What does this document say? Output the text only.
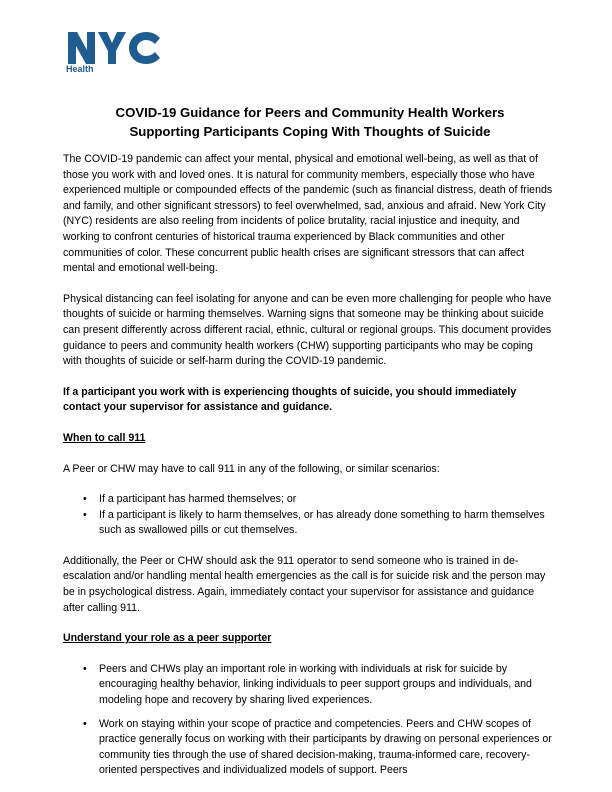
NYC
Health
COVID-19 Guidance for Peers and Community Health Workers
Supporting Participants Coping With Thoughts of Suicide

The COVID-19 pandemic can affect your mental, physical and emotional well-being, as well as that of those you work with and loved ones. It is natural for community members, especially those who have experienced multiple or compounded effects of the pandemic (such as financial distress, death of friends and family, and other significant stressors) to feel overwhelmed, sad, anxious and afraid. New York City (NYC) residents are also reeling from incidents of police brutality, racial injustice and inequity, and working to confront centuries of historical trauma experienced by Black communities and other communities of color. These concurrent public health crises are significant stressors that can affect mental and emotional well-being.

Physical distancing can feel isolating for anyone and can be even more challenging for people who have thoughts of suicide or harming themselves. Warning signs that someone may be thinking about suicide can present differently across different racial, ethnic, cultural or regional groups. This document provides guidance to peers and community health workers (CHW) supporting participants who may be coping with thoughts of suicide or self-harm during the COVID-19 pandemic.

If a participant you work with is experiencing thoughts of suicide, you should immediately contact your supervisor for assistance and guidance.

When to call 911

A Peer or CHW may have to call 911 in any of the following, or similar scenarios:

• If a participant has harmed themselves; or
• If a participant is likely to harm themselves, or has already done something to harm themselves such as swallowed pills or cut themselves.

Additionally, the Peer or CHW should ask the 911 operator to send someone who is trained in de-escalation and/or handling mental health emergencies as the call is for suicide risk and the person may be in psychological distress. Again, immediately contact your supervisor for assistance and guidance after calling 911.

Understand your role as a peer supporter
• Peers and CHWs play an important role in working with individuals at risk for suicide by encouraging healthy behavior, linking individuals to peer support groups and individuals, and modeling hope and recovery by sharing lived experiences.
• Work on staying within your scope of practice and competencies. Peers and CHW scopes of practice generally focus on working with their participants by drawing on personal experiences or community ties through the use of shared decision-making, trauma-informed care, recovery-oriented perspectives and individualized models of support. Peers
